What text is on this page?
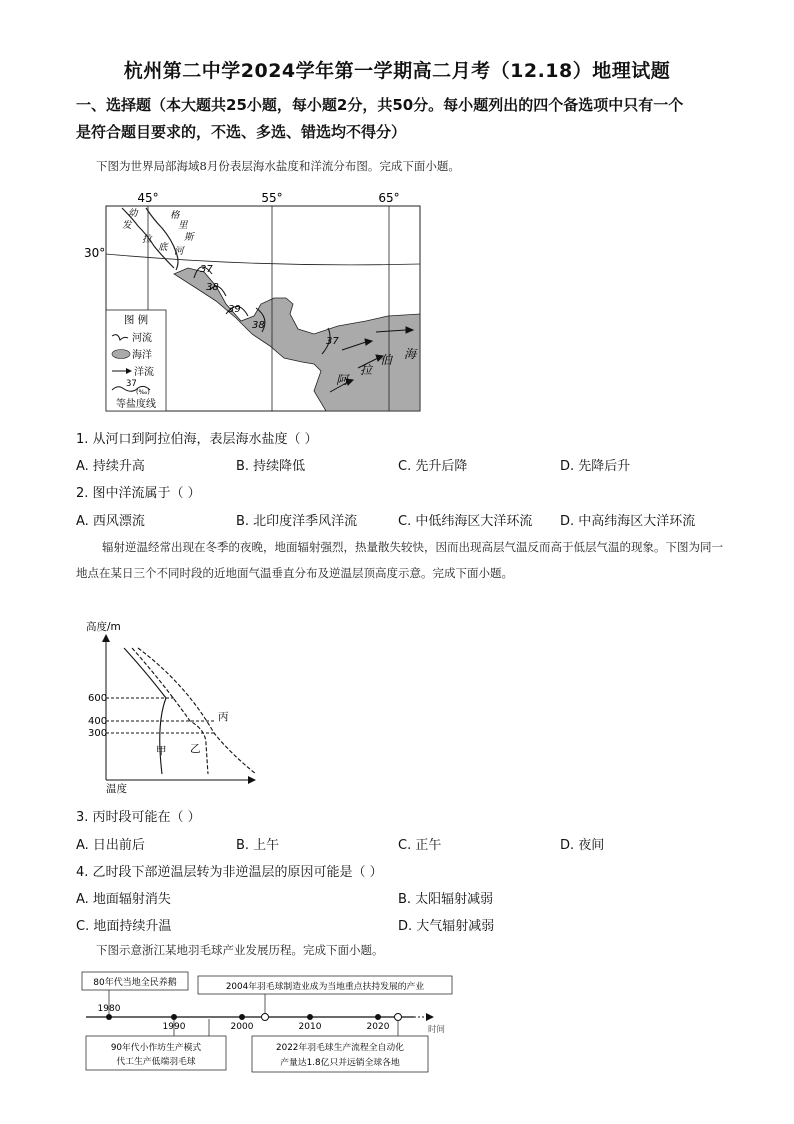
杭州第二中学2024学年第一学期高二月考（12.18）地理试题
一、选择题（本大题共25小题，每小题2分，共50分。每小题列出的四个备选项中只有一个
是符合题目要求的，不选、多选、错选均不得分）
下图为世界局部海域8月份表层海水盐度和洋流分布图。完成下面小题。
45°	55°	65°
30°
幼
发
拉
底
格
里
斯
河
37
38
39
38
37
阿
拉
伯 海
图 例
河流
海洋
洋流
37
(‰)
等盐度线
1. 从河口到阿拉伯海，表层海水盐度（ ）
A. 持续升高	B. 持续降低	C. 先升后降	D. 先降后升
2. 图中洋流属于（ ）
A. 西风漂流	B. 北印度洋季风洋流	C. 中低纬海区大洋环流 D. 中高纬海区大洋环流
辐射逆温经常出现在冬季的夜晚，地面辐射强烈，热量散失较快，因而出现高层气温反而高于低层气温的现象。下图为同一地点在某日三个不同时段的近地面气温垂直分布及逆温层顶高度示意。完成下面小题。
高度/m
温度
600
400
300
甲 乙
丙
3. 丙时段可能在（ ）
A. 日出前后	B. 上午	C. 正午	D. 夜间
4. 乙时段下部逆温层转为非逆温层的原因可能是（ ）
A. 地面辐射消失	B. 太阳辐射减弱
C. 地面持续升温	D. 大气辐射减弱
下图示意浙江某地羽毛球产业发展历程。完成下面小题。
80年代当地全民养鹅	2004年羽毛球制造业成为当地重点扶持发展的产业
时间
1980
1990	2000	2010	2020
90年代小作坊生产模式
代工生产低端羽毛球
2022年羽毛球生产流程全自动化
产量达1.8亿只并远销全球各地
